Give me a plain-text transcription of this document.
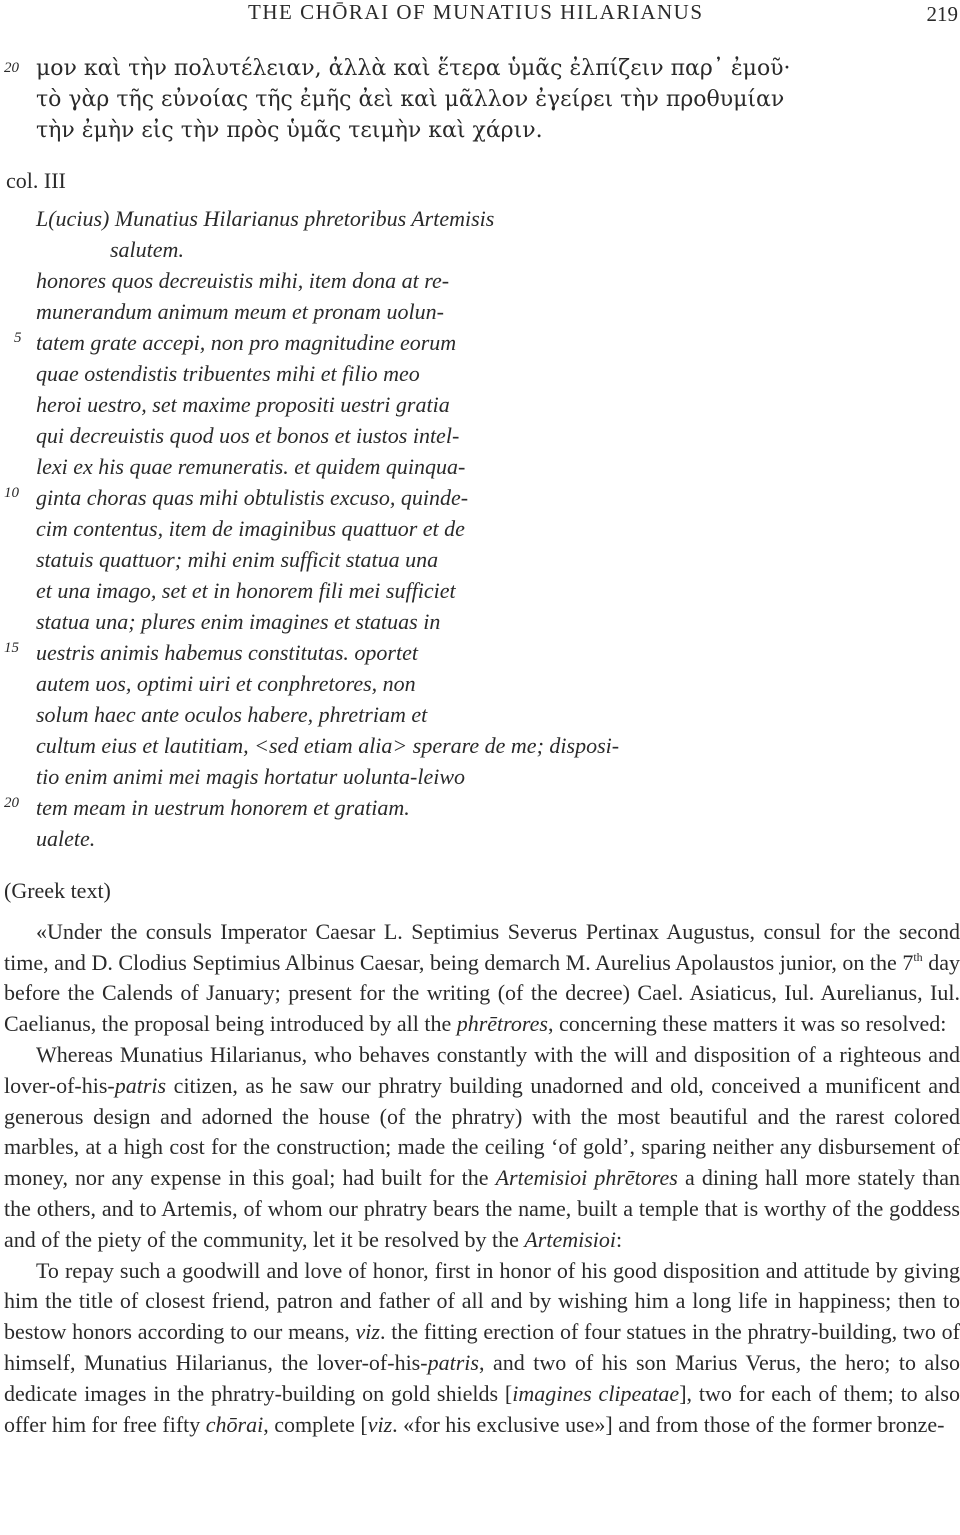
THE CHŌRAI OF MUNATIUS HILARIANUS	219
20 μον καὶ τὴν πολυτέλειαν, ἀλλὰ καὶ ἕτερα ὑμᾶς ἐλπίζειν παρ᾽ ἐμοῦ·
τὸ γὰρ τῆς εὐνοίας τῆς ἐμῆς ἀεὶ καὶ μᾶλλον ἐγείρει τὴν προθυμίαν
τὴν ἐμὴν εἰς τὴν πρὸς ὑμᾶς τειμὴν καὶ χάριν.
col. III
L(ucius) Munatius Hilarianus phretoribus Artemisis
salutem.
honores quos decreuistis mihi, item dona at re-
munerandum animum meum et pronam uolun-
5 tatem grate accepi, non pro magnitudine eorum
quae ostendistis tribuentes mihi et filio meo
heroi uestro, set maxime propositi uestri gratia
qui decreuistis quod uos et bonos et iustos intel-
lexi ex his quae remuneratis. et quidem quinqua-
10 ginta choras quas mihi obtulistis excuso, quinde-
cim contentus, item de imaginibus quattuor et de
statuis quattuor; mihi enim sufficit statua una
et una imago, set et in honorem fili mei sufficiet
statua una; plures enim imagines et statuas in
15 uestris animis habemus constitutas. oportet
autem uos, optimi uiri et conphretores, non
solum haec ante oculos habere, phretriam et
cultum eius et lautitiam, <sed etiam alia> sperare de me; disposi-
tio enim animi mei magis hortatur uolunta-leiwo
20 tem meam in uestrum honorem et gratiam.
ualete.
(Greek text)

«Under the consuls Imperator Caesar L. Septimius Severus Pertinax Augustus, consul for the second time, and D. Clodius Septimius Albinus Caesar, being demarch M. Aurelius Apolaustos junior, on the 7th day before the Calends of January; present for the writing (of the decree) Cael. Asiaticus, Iul. Aurelianus, Iul. Caelianus, the proposal being introduced by all the phrētrores, concerning these matters it was so resolved:

Whereas Munatius Hilarianus, who behaves constantly with the will and disposition of a righteous and lover-of-his-patris citizen, as he saw our phratry building unadorned and old, conceived a munificent and generous design and adorned the house (of the phratry) with the most beautiful and the rarest colored marbles, at a high cost for the construction; made the ceiling ‘of gold’, sparing neither any disbursement of money, nor any expense in this goal; had built for the Artemisioi phrētores a dining hall more stately than the others, and to Artemis, of whom our phratry bears the name, built a temple that is worthy of the goddess and of the piety of the community, let it be resolved by the Artemisioi:

To repay such a goodwill and love of honor, first in honor of his good disposition and attitude by giving him the title of closest friend, patron and father of all and by wishing him a long life in happiness; then to bestow honors according to our means, viz. the fitting erection of four statues in the phratry-building, two of himself, Munatius Hilarianus, the lover-of-his-patris, and two of his son Marius Verus, the hero; to also dedicate images in the phratry-building on gold shields [imagines clipeatae], two for each of them; to also offer him for free fifty chōrai, complete [viz. «for his exclusive use»] and from those of the former bronze-
